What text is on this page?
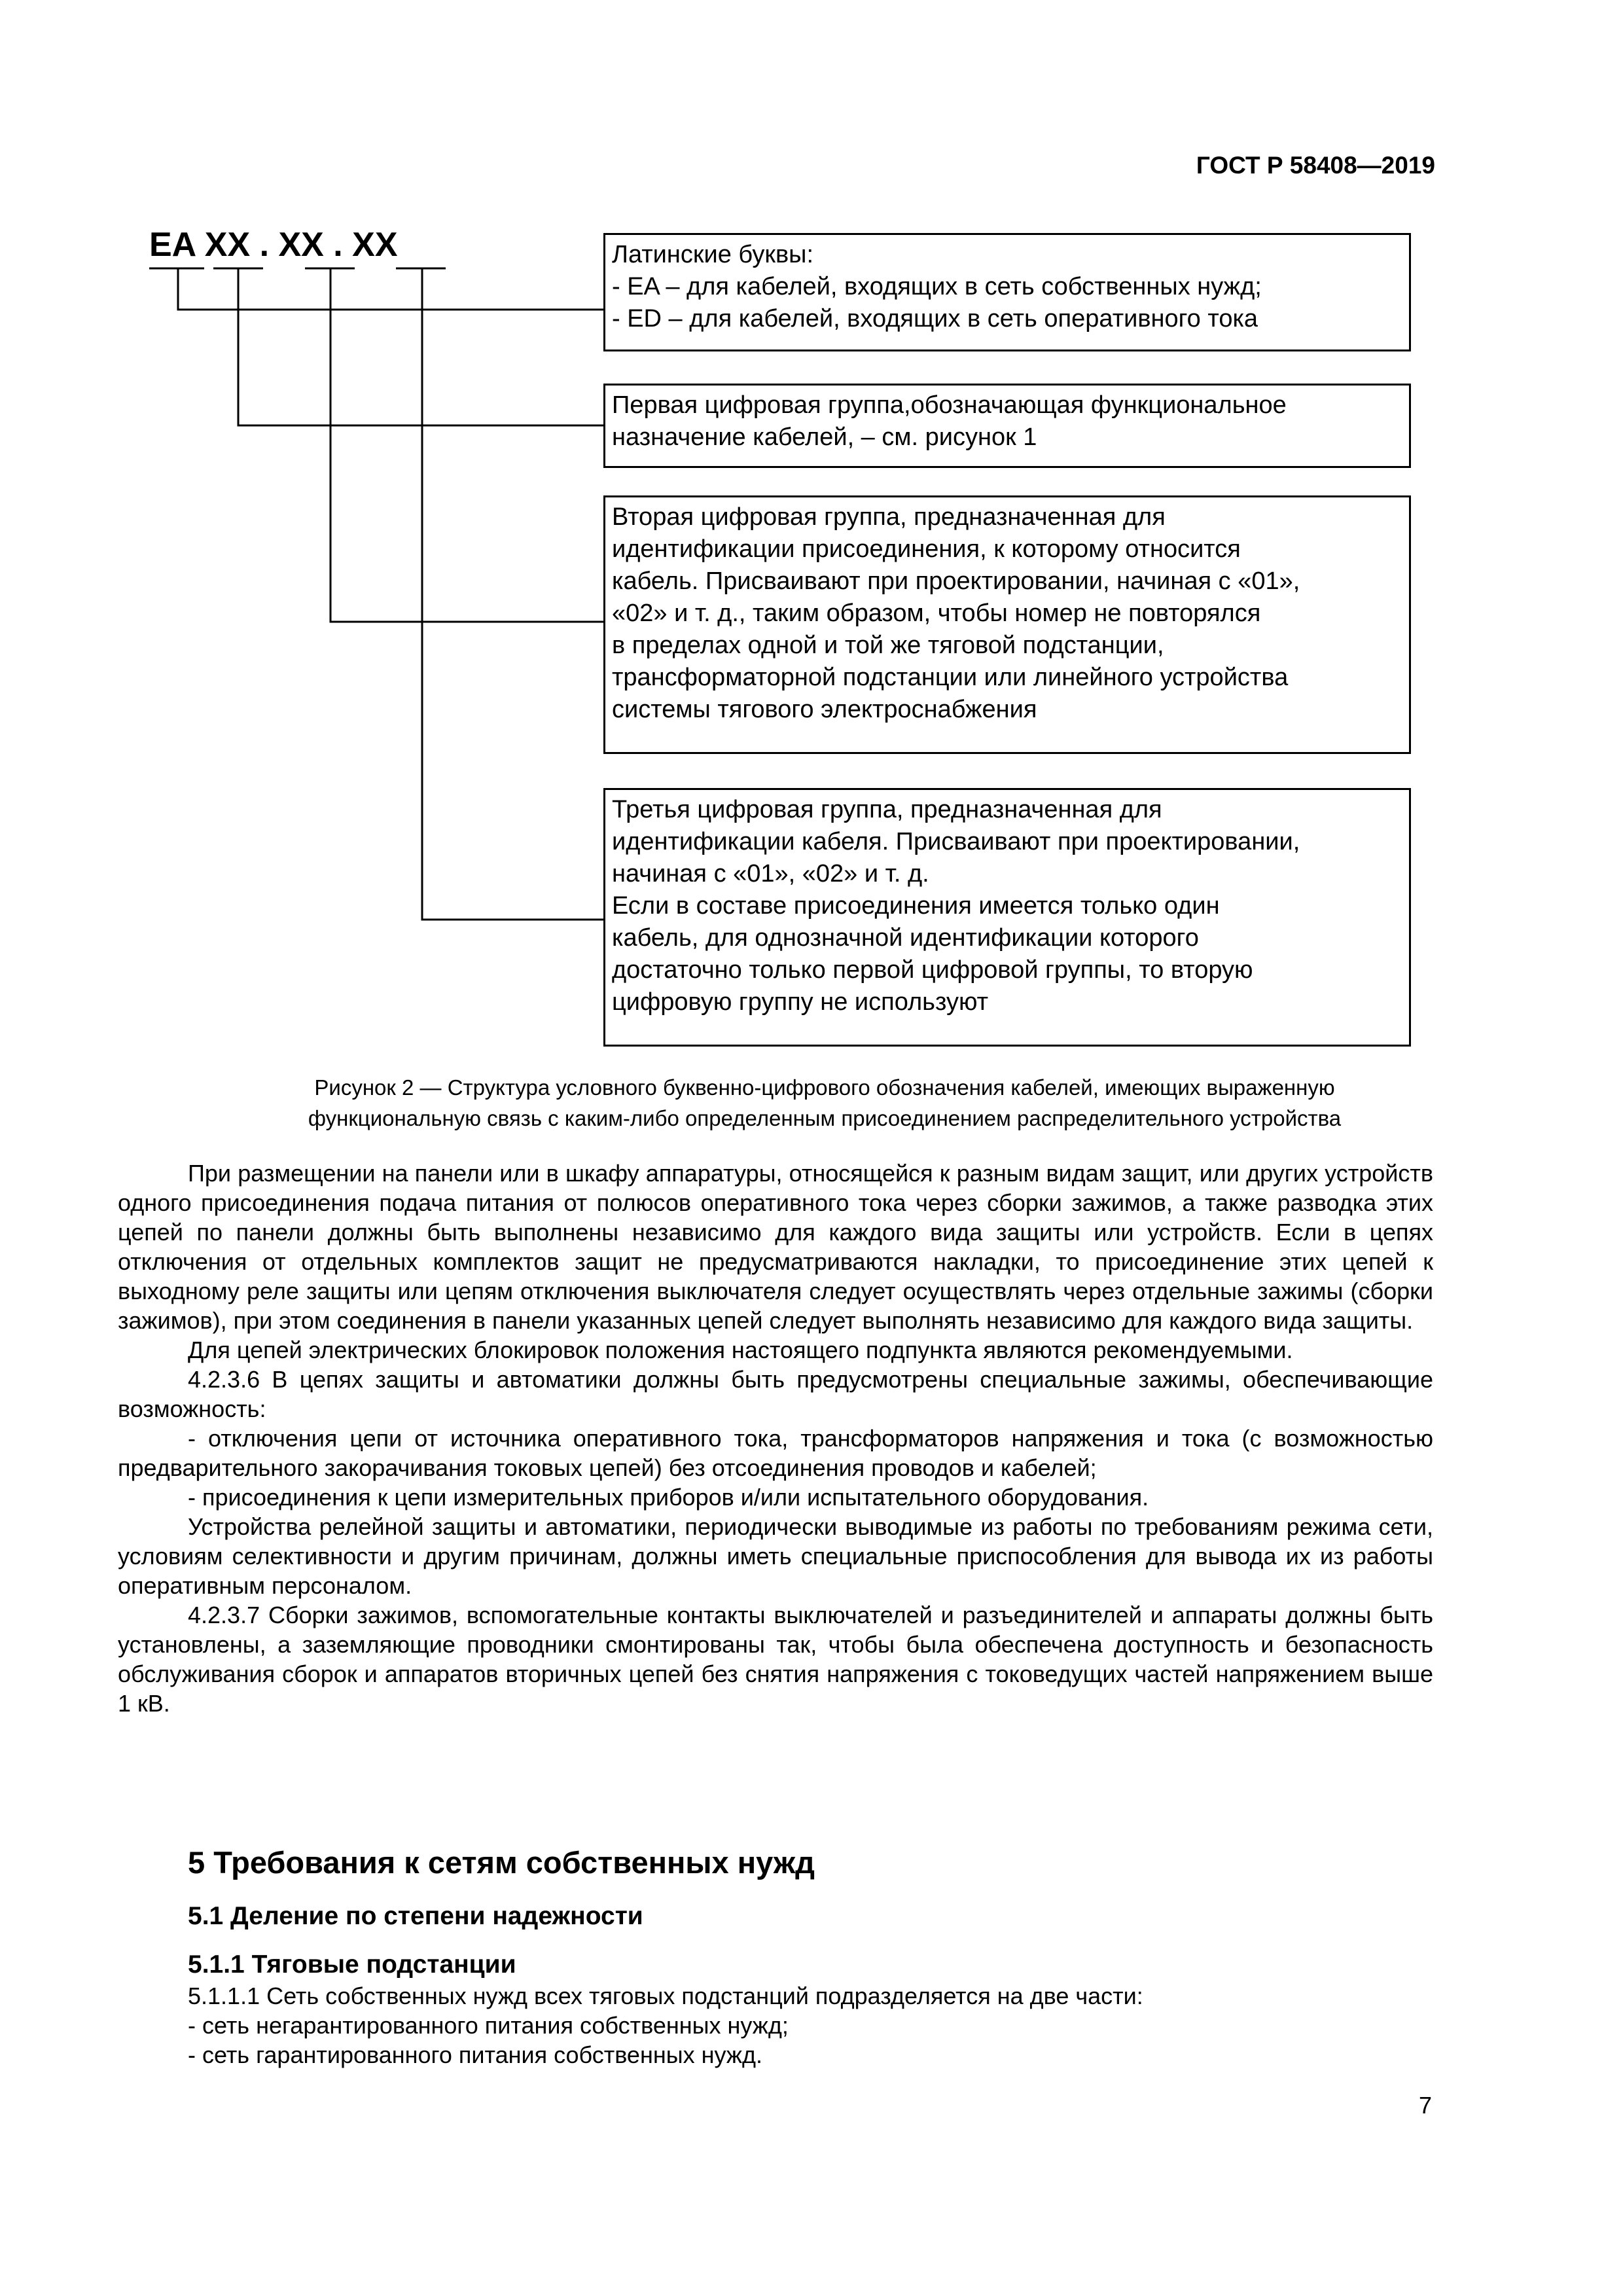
ГОСТ Р 58408—2019
EA XX . XX . XX	Латинские буквы:
- EA – для кабелей, входящих в сеть собственных нужд;
- ED – для кабелей, входящих в сеть оперативного тока
Первая цифровая группа,обозначающая функциональное
назначение кабелей, – см. рисунок 1
Вторая цифровая группа, предназначенная для
идентификации присоединения, к которому относится
кабель. Присваивают при проектировании, начиная с «01»,
«02» и т. д., таким образом, чтобы номер не повторялся
в пределах одной и той же тяговой подстанции,
трансформаторной подстанции или линейного устройства
системы тягового электроснабжения
Третья цифровая группа, предназначенная для
идентификации кабеля. Присваивают при проектировании,
начиная с «01», «02» и т. д.
Если в составе присоединения имеется только один
кабель, для однозначной идентификации которого
достаточно только первой цифровой группы, то вторую
цифровую группу не используют
Рисунок 2 — Структура условного буквенно-цифрового обозначения кабелей, имеющих выраженную
функциональную связь с каким-либо определенным присоединением распределительного устройства

При размещении на панели или в шкафу аппаратуры, относящейся к разным видам защит, или других устройств одного присоединения подача питания от полюсов оперативного тока через сборки зажимов, а также разводка этих цепей по панели должны быть выполнены независимо для каждого вида защиты или устройств. Если в цепях отключения от отдельных комплектов защит не предусматриваются накладки, то присоединение этих цепей к выходному реле защиты или цепям отключения выключателя следует осуществлять через отдельные зажимы (сборки зажимов), при этом соединения в панели указанных цепей следует выполнять независимо для каждого вида защиты.

Для цепей электрических блокировок положения настоящего подпункта являются рекомендуемыми.

4.2.3.6 В цепях защиты и автоматики должны быть предусмотрены специальные зажимы, обеспечивающие возможность:

- отключения цепи от источника оперативного тока, трансформаторов напряжения и тока (с возможностью предварительного закорачивания токовых цепей) без отсоединения проводов и кабелей;

- присоединения к цепи измерительных приборов и/или испытательного оборудования.

Устройства релейной защиты и автоматики, периодически выводимые из работы по требованиям режима сети, условиям селективности и другим причинам, должны иметь специальные приспособления для вывода их из работы оперативным персоналом.

4.2.3.7 Сборки зажимов, вспомогательные контакты выключателей и разъединителей и аппараты должны быть установлены, а заземляющие проводники смонтированы так, чтобы была обеспечена доступность и безопасность обслуживания сборок и аппаратов вторичных цепей без снятия напряжения с токоведущих частей напряжением выше 1 кВ.

5 Требования к сетям собственных нужд
5.1 Деление по степени надежности
5.1.1 Тяговые подстанции
5.1.1.1 Сеть собственных нужд всех тяговых подстанций подразделяется на две части:
- сеть негарантированного питания собственных нужд;
- сеть гарантированного питания собственных нужд.
7
